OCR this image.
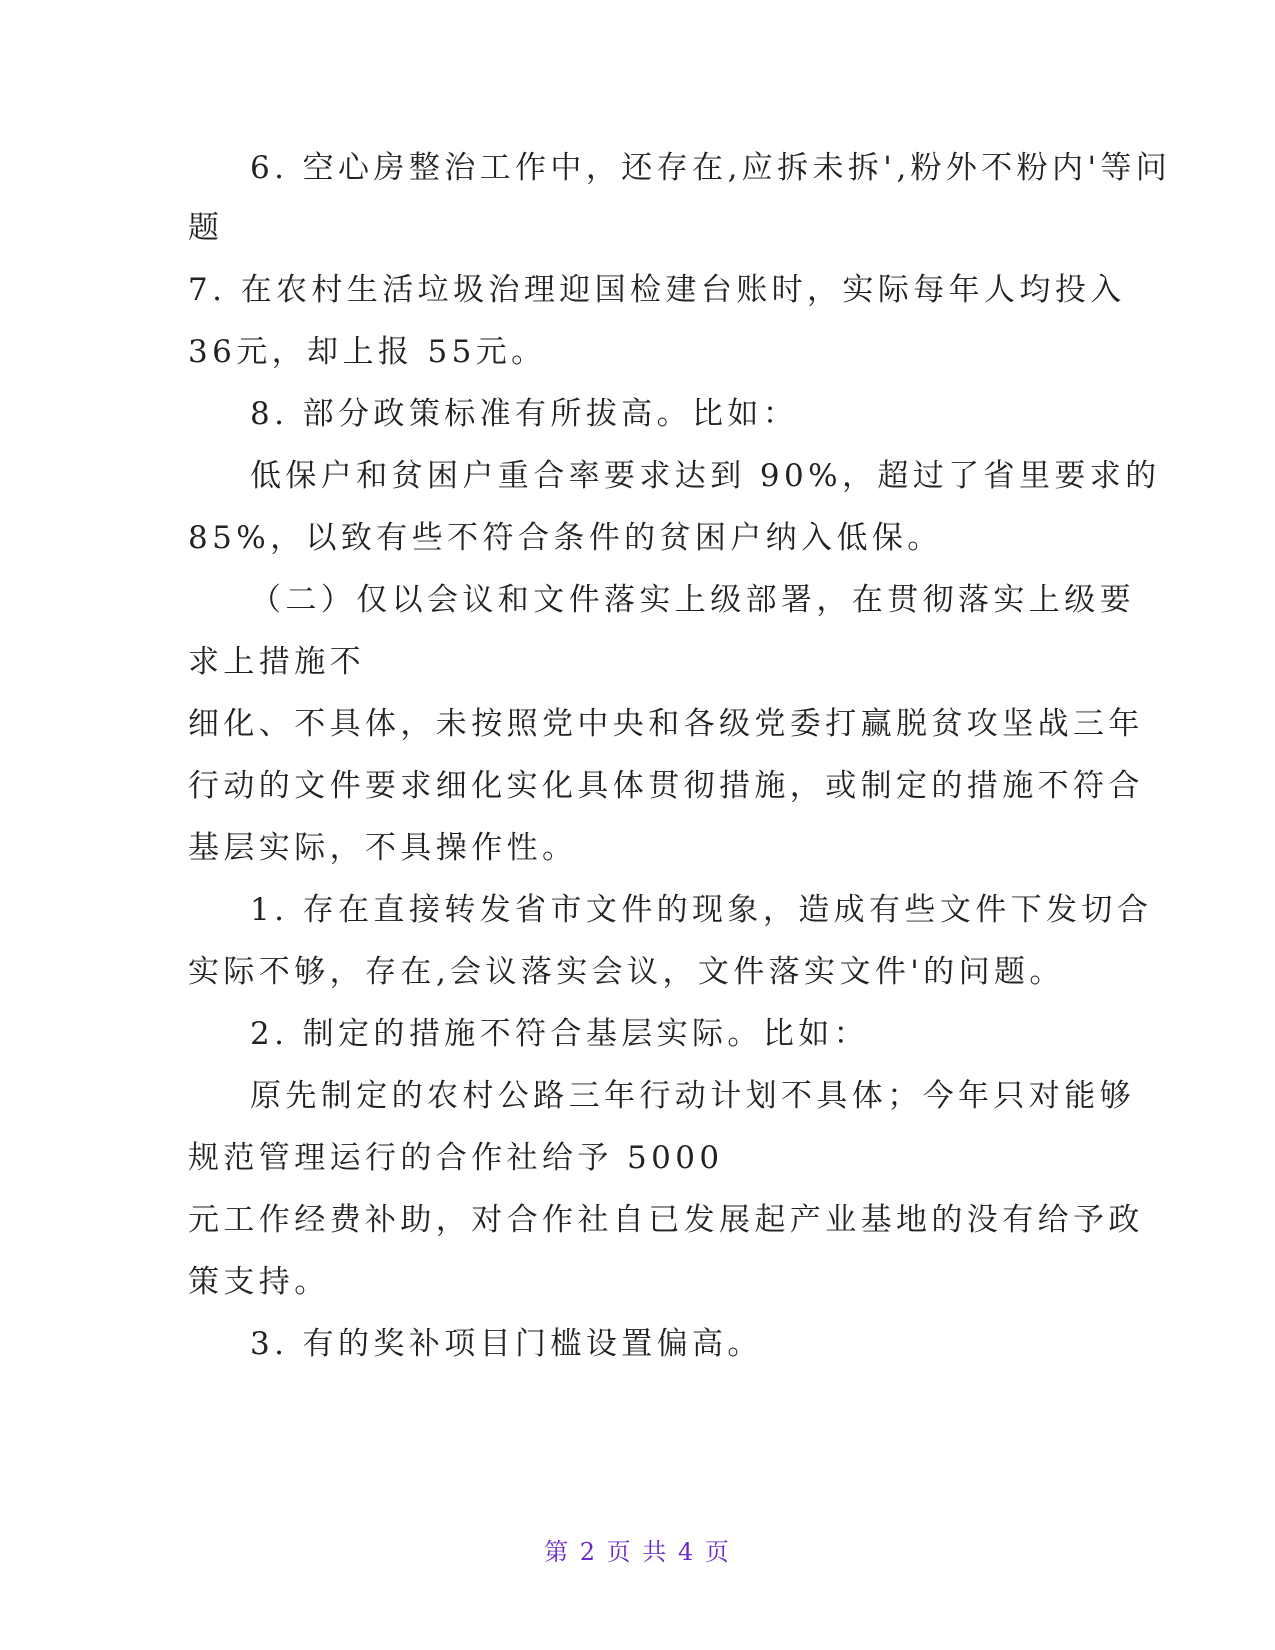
6. 空心房整治工作中，还存在‚应拆未拆'‚粉外不粉内'等问

题

7. 在农村生活垃圾治理迎国检建台账时，实际每年人均投入

36元，却上报 55元。

8. 部分政策标准有所拔高。比如：

低保户和贫困户重合率要求达到 90%，超过了省里要求的

85%，以致有些不符合条件的贫困户纳入低保。

（二）仅以会议和文件落实上级部署，在贯彻落实上级要

求上措施不

细化、不具体，未按照党中央和各级党委打赢脱贫攻坚战三年

行动的文件要求细化实化具体贯彻措施，或制定的措施不符合

基层实际，不具操作性。

1. 存在直接转发省市文件的现象，造成有些文件下发切合

实际不够，存在‚会议落实会议，文件落实文件'的问题。

2. 制定的措施不符合基层实际。比如：

原先制定的农村公路三年行动计划不具体；今年只对能够

规范管理运行的合作社给予 5000

元工作经费补助，对合作社自已发展起产业基地的没有给予政

策支持。

3. 有的奖补项目门槛设置偏高。

第 2 页 共 4 页
